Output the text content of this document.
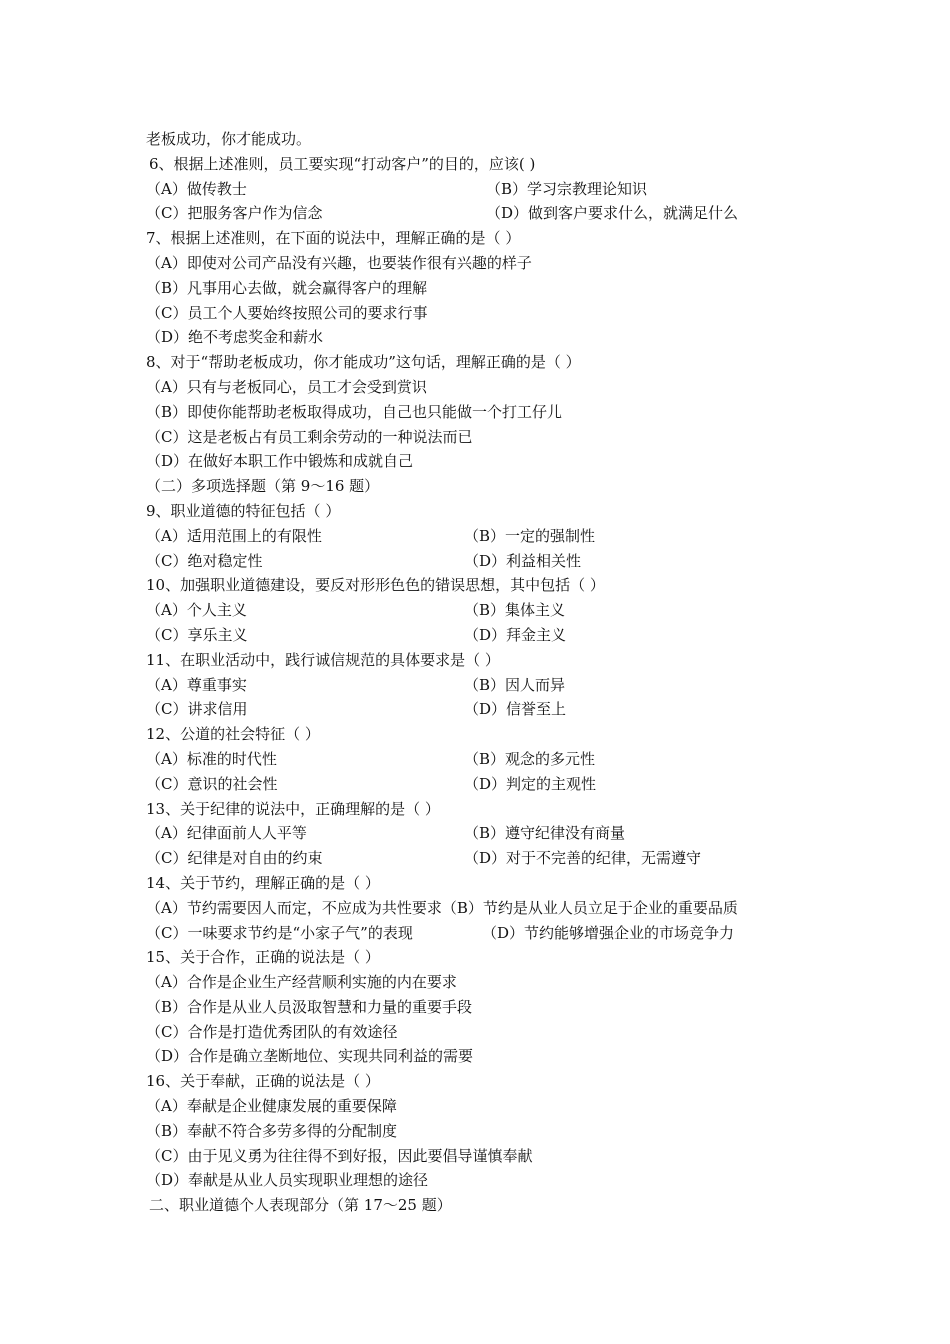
老板成功，你才能成功。
6、根据上述准则，员工要实现“打动客户”的目的，应该( )
（A）做传教士	（B）学习宗教理论知识
（C）把服务客户作为信念	（D）做到客户要求什么，就满足什么
7、根据上述准则，在下面的说法中，理解正确的是（ ）
（A）即使对公司产品没有兴趣，也要装作很有兴趣的样子
（B）凡事用心去做，就会赢得客户的理解
（C）员工个人要始终按照公司的要求行事
（D）绝不考虑奖金和薪水
8、对于“帮助老板成功，你才能成功”这句话，理解正确的是（ ）
（A）只有与老板同心，员工才会受到赏识
（B）即使你能帮助老板取得成功，自己也只能做一个打工仔儿
（C）这是老板占有员工剩余劳动的一种说法而已
（D）在做好本职工作中锻炼和成就自己
（二）多项选择题（第 9～16 题）
9、职业道德的特征包括（ ）
（A）适用范围上的有限性	（B）一定的强制性
（C）绝对稳定性	（D）利益相关性
10、加强职业道德建设，要反对形形色色的错误思想，其中包括（ ）
（A）个人主义	（B）集体主义
（C）享乐主义	（D）拜金主义
11、在职业活动中，践行诚信规范的具体要求是（ ）
（A）尊重事实	（B）因人而异
（C）讲求信用	（D）信誉至上
12、公道的社会特征（ ）
（A）标准的时代性	（B）观念的多元性
（C）意识的社会性	（D）判定的主观性
13、关于纪律的说法中，正确理解的是（ ）
（A）纪律面前人人平等	（B）遵守纪律没有商量
（C）纪律是对自由的约束	（D）对于不完善的纪律，无需遵守
14、关于节约，理解正确的是（ ）
（A）节约需要因人而定，不应成为共性要求（B）节约是从业人员立足于企业的重要品质
（C）一味要求节约是“小家子气”的表现	（D）节约能够增强企业的市场竞争力
15、关于合作，正确的说法是（ ）
（A）合作是企业生产经营顺利实施的内在要求
（B）合作是从业人员汲取智慧和力量的重要手段
（C）合作是打造优秀团队的有效途径
（D）合作是确立垄断地位、实现共同利益的需要
16、关于奉献，正确的说法是（ ）
（A）奉献是企业健康发展的重要保障
（B）奉献不符合多劳多得的分配制度
（C）由于见义勇为往往得不到好报，因此要倡导谨慎奉献
（D）奉献是从业人员实现职业理想的途径
二、职业道德个人表现部分（第 17～25 题）
